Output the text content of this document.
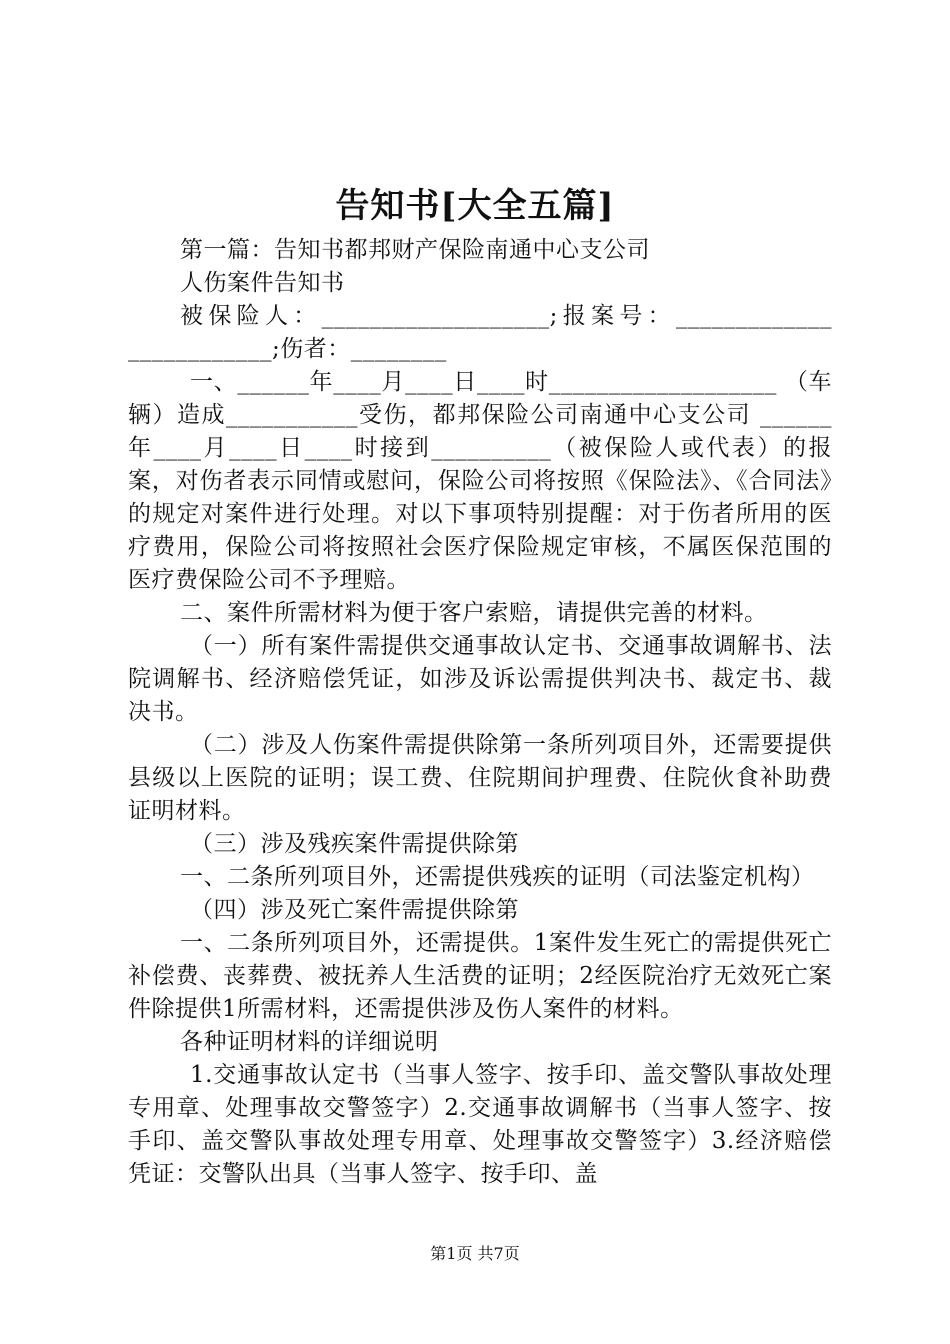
告知书[大全五篇]

第一篇：告知书都邦财产保险南通中心支公司

人伤案件告知书

被保险人：___________________;报案号：_____________ ____________;伤者：________

一、______年____月____日____时___________________ （车辆）造成___________受伤，都邦保险公司南通中心支公司 ______年____月____日____时接到__________（被保险人或代表）的报案，对伤者表示同情或慰问，保险公司将按照《保险法》、《合同法》的规定对案件进行处理。对以下事项特别提醒：对于伤者所用的医疗费用，保险公司将按照社会医疗保险规定审核，不属医保范围的医疗费保险公司不予理赔。

二、案件所需材料为便于客户索赔，请提供完善的材料。

（一）所有案件需提供交通事故认定书、交通事故调解书、法院调解书、经济赔偿凭证，如涉及诉讼需提供判决书、裁定书、裁决书。

（二）涉及人伤案件需提供除第一条所列项目外，还需要提供县级以上医院的证明；误工费、住院期间护理费、住院伙食补助费证明材料。

（三）涉及残疾案件需提供除第

一、二条所列项目外，还需提供残疾的证明（司法鉴定机构）

（四）涉及死亡案件需提供除第

一、二条所列项目外，还需提供。1案件发生死亡的需提供死亡补偿费、丧葬费、被抚养人生活费的证明；2经医院治疗无效死亡案件除提供1所需材料，还需提供涉及伤人案件的材料。

各种证明材料的详细说明

1.交通事故认定书（当事人签字、按手印、盖交警队事故处理专用章、处理事故交警签字）2.交通事故调解书（当事人签字、按手印、盖交警队事故处理专用章、处理事故交警签字）3.经济赔偿凭证：交警队出具（当事人签字、按手印、盖

第1页 共7页
